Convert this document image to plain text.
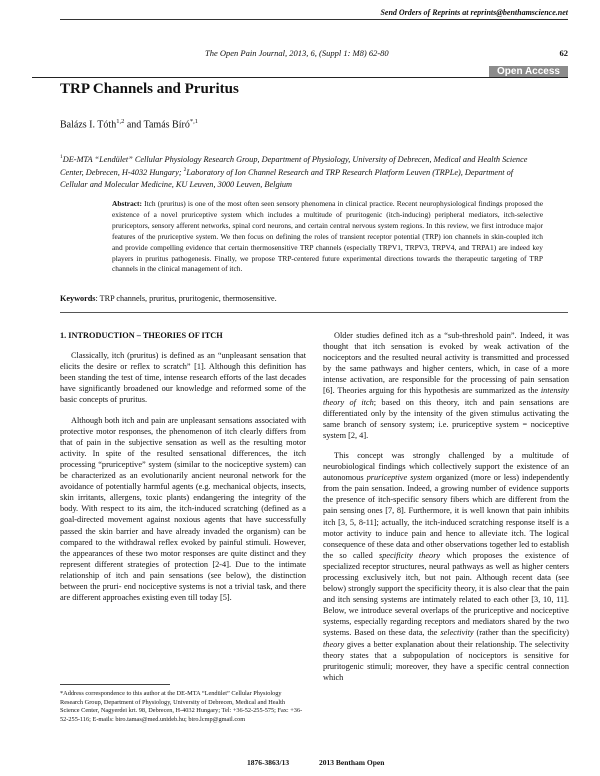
Send Orders of Reprints at reprints@benthamscience.net
The Open Pain Journal, 2013, 6, (Suppl 1: M8) 62-80	62
Open Access
TRP Channels and Pruritus
Balázs I. Tóth$^{1,2}$ and Tamás Bíró$^{*,1}$
$^1$DE-MTA “Lendület” Cellular Physiology Research Group, Department of Physiology, University of Debrecen, Medical and Health Science Center, Debrecen, H-4032 Hungary; $^2$Laboratory of Ion Channel Research and TRP Research Platform Leuven (TRPLe), Department of Cellular and Molecular Medicine, KU Leuven, 3000 Leuven, Belgium
Abstract: Itch (pruritus) is one of the most often seen sensory phenomena in clinical practice. Recent neurophysiological findings proposed the existence of a novel pruriceptive system which includes a multitude of pruritogenic (itch-inducing) peripheral mediators, itch-selective pruriceptors, sensory afferent networks, spinal cord neurons, and certain central nervous system regions. In this review, we first introduce major features of the pruriceptive system. We then focus on defining the roles of transient receptor potential (TRP) ion channels in skin-coupled itch and provide compelling evidence that certain thermosensitive TRP channels (especially TRPV1, TRPV3, TRPV4, and TRPA1) are indeed key players in pruritus pathogenesis. Finally, we propose TRP-centered future experimental directions towards the therapeutic targeting of TRP channels in the clinical management of itch.
Keywords: TRP channels, pruritus, pruritogenic, thermosensitive.
1. INTRODUCTION – THEORIES OF ITCH

Classically, itch (pruritus) is defined as an “unpleasant sensation that elicits the desire or reflex to scratch” [1]. Although this definition has been standing the test of time, intense research efforts of the last decades have significantly broadened our knowledge and reformed some of the basic concepts of pruritus.

Although both itch and pain are unpleasant sensations associated with protective motor responses, the phenomenon of itch clearly differs from that of pain in the subjective sensation as well as the resulting motor activity. In spite of the resulted sensational differences, the itch processing “pruriceptive” system (similar to the nociceptive system) can be characterized as an evolutionarily ancient neuronal network for the avoidance of potentially harmful agents (e.g. mechanical objects, insects, skin irritants, allergens, toxic plants) endangering the integrity of the body. With respect to its aim, the itch-induced scratching (defined as a goal-directed movement against noxious agents that have successfully passed the skin barrier and have already invaded the organism) can be compared to the withdrawal reflex evoked by painful stimuli. However, the appearances of these two motor responses are quite distinct and they represent different strategies of protection [2-4]. Due to the intimate relationship of itch and pain sensations (see below), the distinction between the pruri- end nociceptive systems is not a trivial task, and there are different approaches existing even till today [5].

Older studies defined itch as a “sub-threshold pain”. Indeed, it was thought that itch sensation is evoked by weak activation of the nociceptors and the resulted neural activity is transmitted and processed by the same pathways and higher centers, which, in case of a more intense activation, are responsible for the processing of pain sensation [6]. Theories arguing for this hypothesis are summarized as the intensity theory of itch; based on this theory, itch and pain sensations are differentiated only by the intensity of the given stimulus activating the same branch of sensory system; i.e. pruriceptive system = nociceptive system [2, 4].

This concept was strongly challenged by a multitude of neurobiological findings which collectively support the existence of an autonomous pruriceptive system organized (more or less) independently from the pain sensation. Indeed, a growing number of evidence supports the presence of itch-specific sensory fibers which are different from the pain sensing ones [7, 8]. Furthermore, it is well known that pain inhibits itch [3, 5, 8-11]; actually, the itch-induced scratching response itself is a motor activity to induce pain and hence to alleviate itch. The logical consequence of these data and other observations together led to establish the so called specificity theory which proposes the existence of specialized receptor structures, neural pathways as well as higher centers processing exclusively itch, but not pain. Although recent data (see below) strongly support the specificity theory, it is also clear that the pain and itch sensing systems are intimately related to each other [3, 10, 11]. Below, we introduce several overlaps of the pruriceptive and nociceptive systems, especially regarding receptors and mediators shared by the two systems. Based on these data, the selectivity (rather than the specificity) theory gives a better explanation about their relationship. The selectivity theory states that a subpopulation of nociceptors is sensitive for pruritogenic stimuli; moreover, they have a specific central connection which

*Address correspondence to this author at the DE-MTA “Lendület” Cellular Physiology Research Group, Department of Physiology, University of Debrecen, Medical and Health Science Center, Nagyerdei krt. 98, Debrecen, H-4032 Hungary; Tel: +36-52-255-575; Fax: +36-52-255-116; E-mails: biro.tamas@med.unideb.hu; biro.lcmp@gmail.com
1876-3863/13	2013 Bentham Open
